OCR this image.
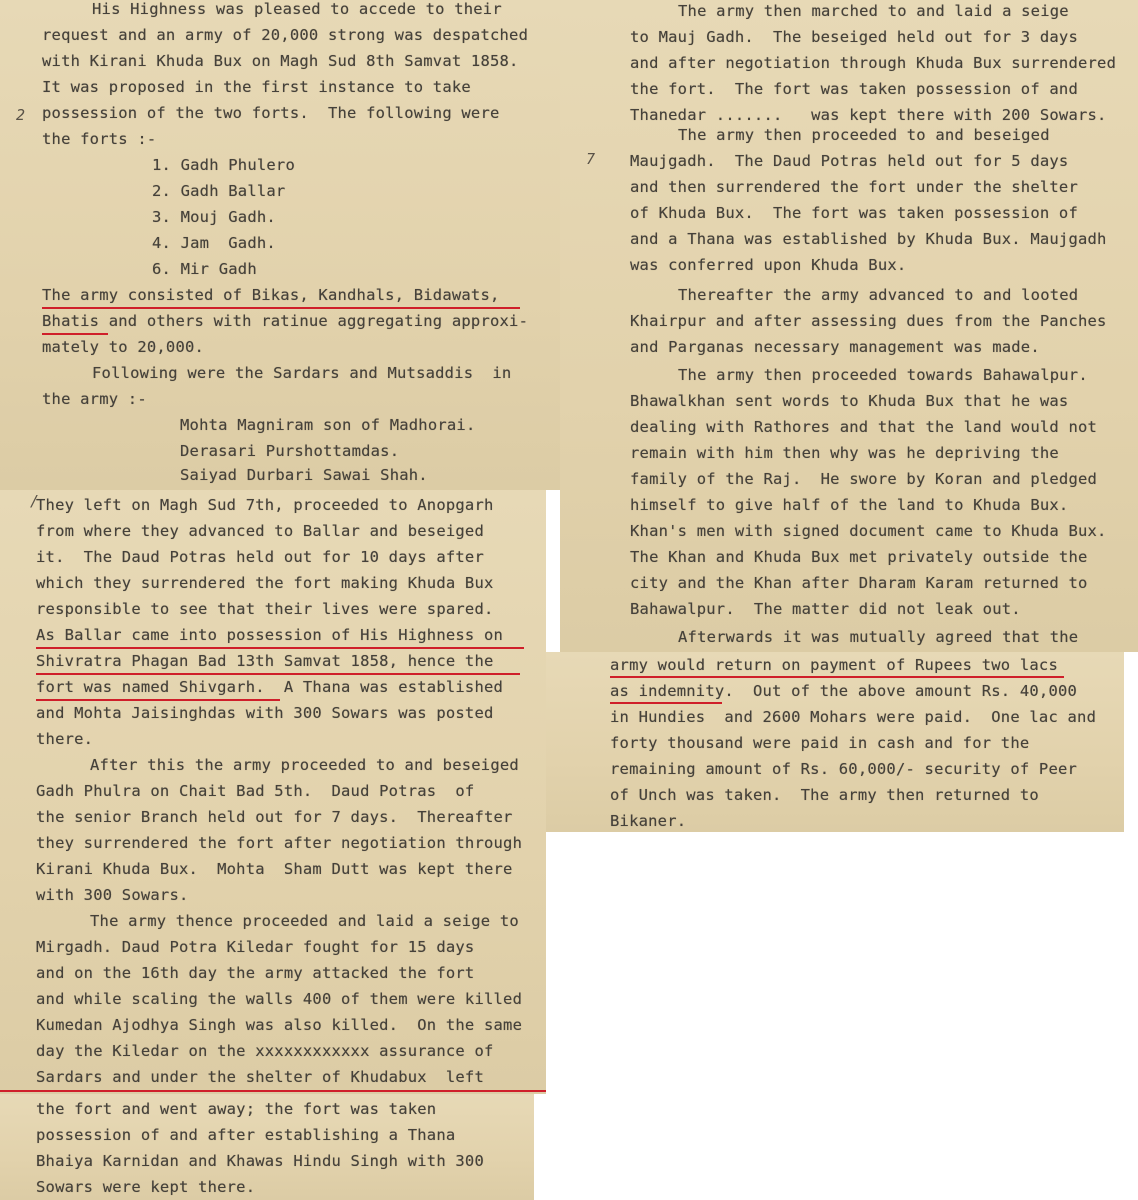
2
His Highness was pleased to accede to their
request and an army of 20,000 strong was despatched
with Kirani Khuda Bux on Magh Sud 8th Samvat 1858.
It was proposed in the first instance to take
possession of the two forts.  The following were
the forts :-
1. Gadh Phulero
2. Gadh Ballar
3. Mouj Gadh.
4. Jam  Gadh.
6. Mir Gadh
The army consisted of Bikas, Kandhals, Bidawats,
Bhatis and others with ratinue aggregating approxi-
mately to 20,000.
Following were the Sardars and Mutsaddis  in
the army :-
Mohta Magniram son of Madhorai.
Derasari Purshottamdas.
Saiyad Durbari Sawai Shah.
/
They left on Magh Sud 7th, proceeded to Anopgarh
from where they advanced to Ballar and beseiged
it.  The Daud Potras held out for 10 days after
which they surrendered the fort making Khuda Bux
responsible to see that their lives were spared.
As Ballar came into possession of His Highness on
Shivratra Phagan Bad 13th Samvat 1858, hence the
fort was named Shivgarh.  A Thana was established
and Mohta Jaisinghdas with 300 Sowars was posted
there.
After this the army proceeded to and beseiged
Gadh Phulra on Chait Bad 5th.  Daud Potras  of
the senior Branch held out for 7 days.  Thereafter
they surrendered the fort after negotiation through
Kirani Khuda Bux.  Mohta  Sham Dutt was kept there
with 300 Sowars.
The army thence proceeded and laid a seige to
Mirgadh. Daud Potra Kiledar fought for 15 days
and on the 16th day the army attacked the fort
and while scaling the walls 400 of them were killed
Kumedan Ajodhya Singh was also killed.  On the same
day the Kiledar on the xxxxxxxxxxxx assurance of
Sardars and under the shelter of Khudabux  left
the fort and went away; the fort was taken
possession of and after establishing a Thana
Bhaiya Karnidan and Khawas Hindu Singh with 300
Sowars were kept there.
7
The army then marched to and laid a seige
to Mauj Gadh.  The beseiged held out for 3 days
and after negotiation through Khuda Bux surrendered
the fort.  The fort was taken possession of and
Thanedar .......   was kept there with 200 Sowars.
The army then proceeded to and beseiged
Maujgadh.  The Daud Potras held out for 5 days
and then surrendered the fort under the shelter
of Khuda Bux.  The fort was taken possession of
and a Thana was established by Khuda Bux. Maujgadh
was conferred upon Khuda Bux.
Thereafter the army advanced to and looted
Khairpur and after assessing dues from the Panches
and Parganas necessary management was made.
The army then proceeded towards Bahawalpur.
Bhawalkhan sent words to Khuda Bux that he was
dealing with Rathores and that the land would not
remain with him then why was he depriving the
family of the Raj.  He swore by Koran and pledged
himself to give half of the land to Khuda Bux.
Khan's men with signed document came to Khuda Bux.
The Khan and Khuda Bux met privately outside the
city and the Khan after Dharam Karam returned to
Bahawalpur.  The matter did not leak out.
Afterwards it was mutually agreed that the
army would return on payment of Rupees two lacs
as indemnity.  Out of the above amount Rs. 40,000
in Hundies  and 2600 Mohars were paid.  One lac and
forty thousand were paid in cash and for the
remaining amount of Rs. 60,000/- security of Peer
of Unch was taken.  The army then returned to
Bikaner.
